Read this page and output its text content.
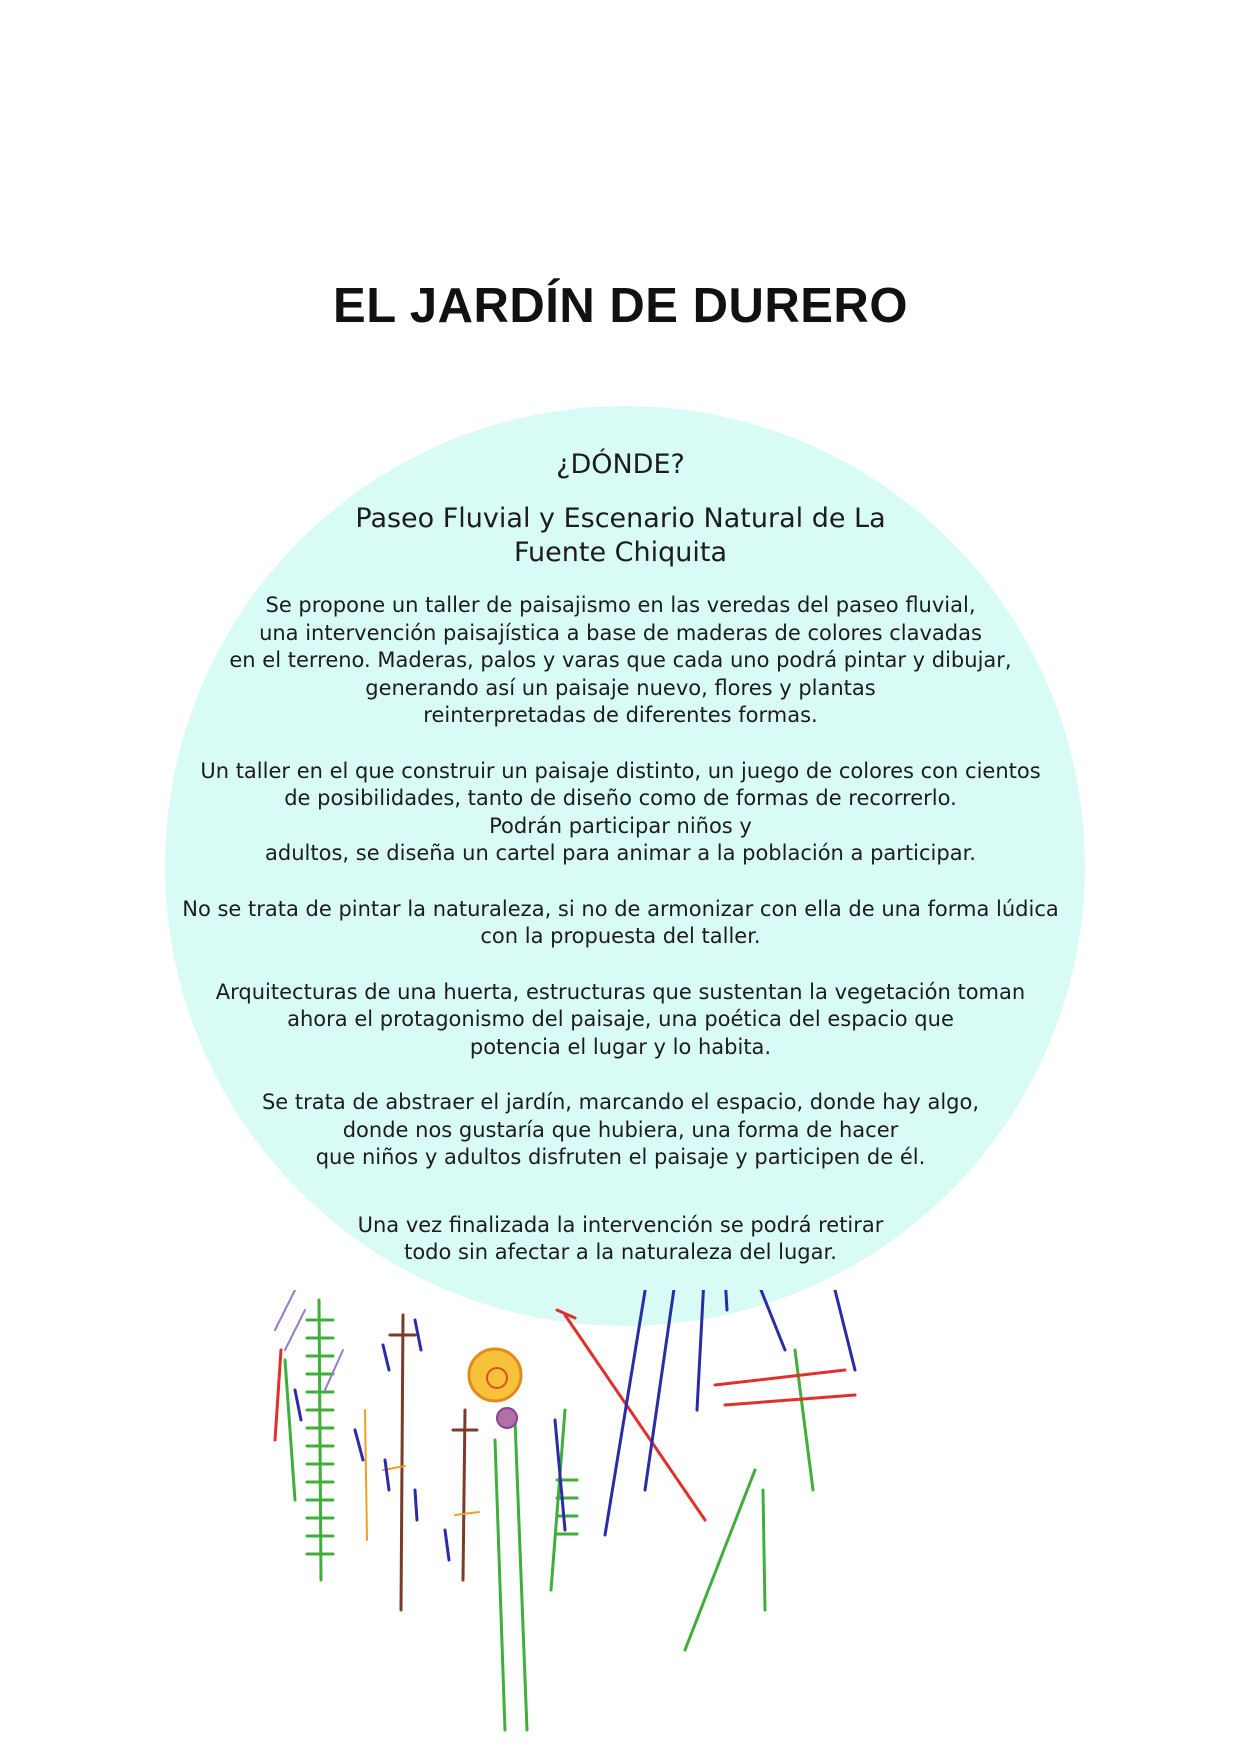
EL JARDÍN DE DURERO

¿DÓNDE?

Paseo Fluvial y Escenario Natural de La

Fuente Chiquita

Se propone un taller de paisajismo en las veredas del paseo fluvial,

una intervención paisajística a base de maderas de colores clavadas

en el terreno. Maderas, palos y varas que cada uno podrá pintar y dibujar,

generando así un paisaje nuevo, flores y plantas

reinterpretadas de diferentes formas.

Un taller en el que construir un paisaje distinto, un juego de colores con cientos

de posibilidades, tanto de diseño como de formas de recorrerlo.

Podrán participar niños y

adultos, se diseña un cartel para animar a la población a participar.

No se trata de pintar la naturaleza, si no de armonizar con ella de una forma lúdica

con la propuesta del taller.

Arquitecturas de una huerta, estructuras que sustentan la vegetación toman

ahora el protagonismo del paisaje, una poética del espacio que

potencia el lugar y lo habita.

Se trata de abstraer el jardín, marcando el espacio, donde hay algo,

donde nos gustaría que hubiera, una forma de hacer

que niños y adultos disfruten el paisaje y participen de él.

Una vez finalizada la intervención se podrá retirar

todo sin afectar a la naturaleza del lugar.
